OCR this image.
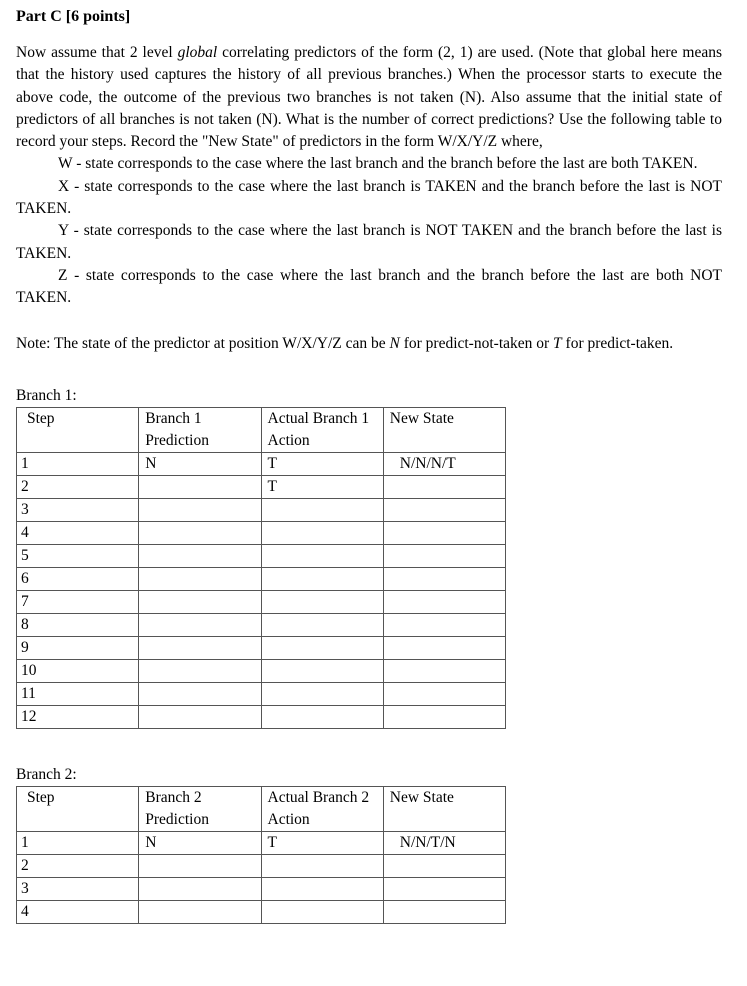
Part C [6 points]

Now assume that 2 level global correlating predictors of the form (2, 1) are used. (Note that global here means that the history used captures the history of all previous branches.) When the processor starts to execute the above code, the outcome of the previous two branches is not taken (N). Also assume that the initial state of predictors of all branches is not taken (N). What is the number of correct predictions? Use the following table to record your steps. Record the "New State" of predictors in the form W/X/Y/Z where,

W - state corresponds to the case where the last branch and the branch before the last are both TAKEN.

X - state corresponds to the case where the last branch is TAKEN and the branch before the last is NOT TAKEN.

Y - state corresponds to the case where the last branch is NOT TAKEN and the branch before the last is TAKEN.

Z - state corresponds to the case where the last branch and the branch before the last are both NOT TAKEN.

Note: The state of the predictor at position W/X/Y/Z can be N for predict-not-taken or T for predict-taken.

Branch 1:
Step	Branch 1 Prediction	Actual Branch 1 Action	New State
1	N	T	N/N/N/T
2		T	
3			
4			
5			
6			
7			
8			
9			
10			
11			
12			
Branch 2:
Step	Branch 2 Prediction	Actual Branch 2 Action	New State
1	N	T	N/N/T/N
2			
3			
4			
